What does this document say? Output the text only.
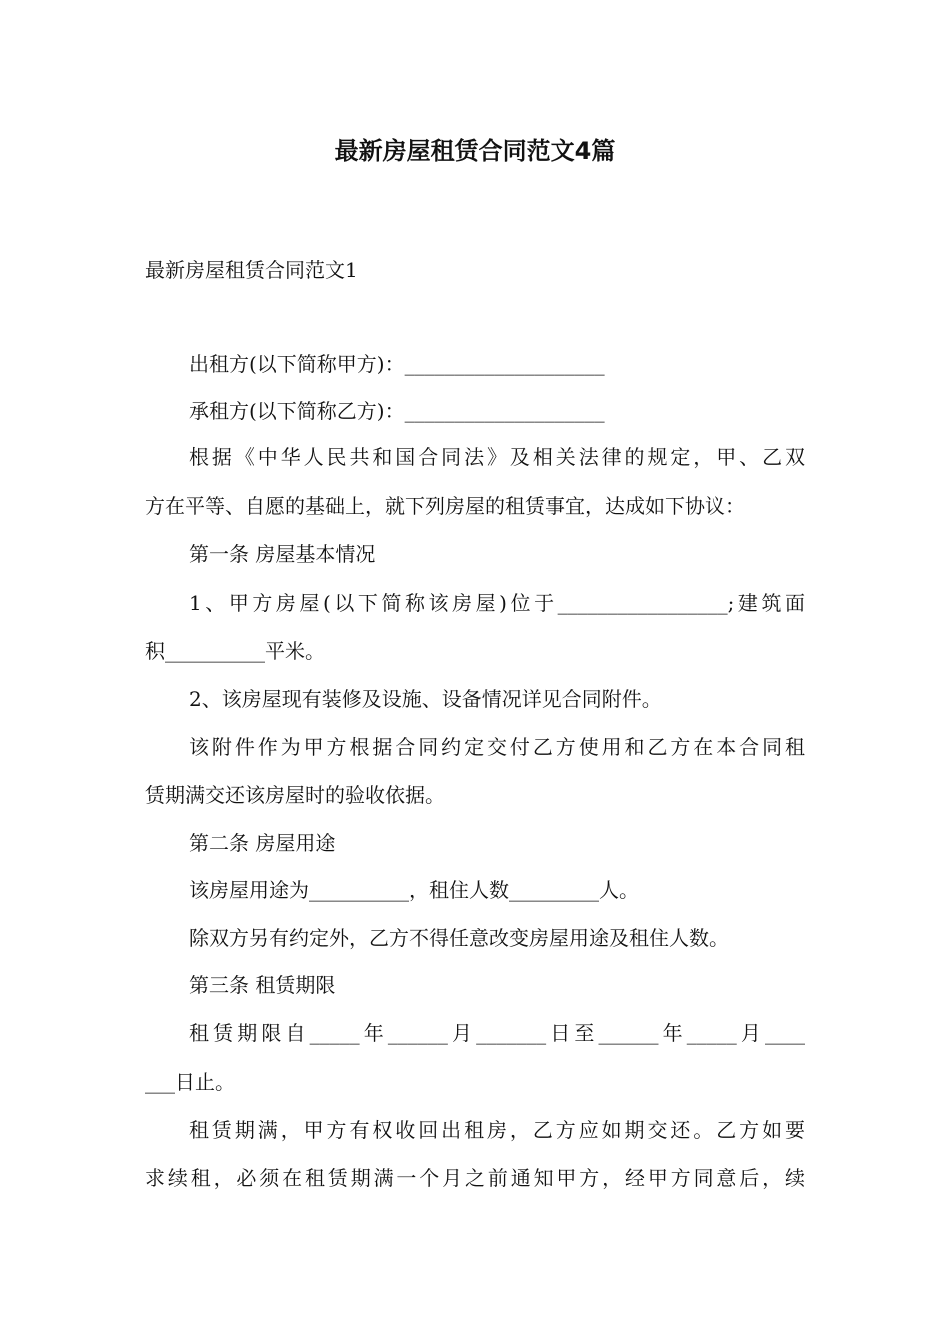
最新房屋租赁合同范文4篇

最新房屋租赁合同范文1

出租方(以下简称甲方)：____________________

承租方(以下简称乙方)：____________________

根据《中华人民共和国合同法》及相关法律的规定，甲、乙双

方在平等、自愿的基础上，就下列房屋的租赁事宜，达成如下协议：

第一条 房屋基本情况

1、甲方房屋(以下简称该房屋)位于_________________;建筑面

积__________平米。

2、该房屋现有装修及设施、设备情况详见合同附件。

该附件作为甲方根据合同约定交付乙方使用和乙方在本合同租

赁期满交还该房屋时的验收依据。

第二条 房屋用途

该房屋用途为__________，租住人数_________人。

除双方另有约定外，乙方不得任意改变房屋用途及租住人数。

第三条 租赁期限

租赁期限自_____年______月_______日至______年_____月____

___日止。

租赁期满，甲方有权收回出租房，乙方应如期交还。乙方如要

求续租，必须在租赁期满一个月之前通知甲方，经甲方同意后，续
